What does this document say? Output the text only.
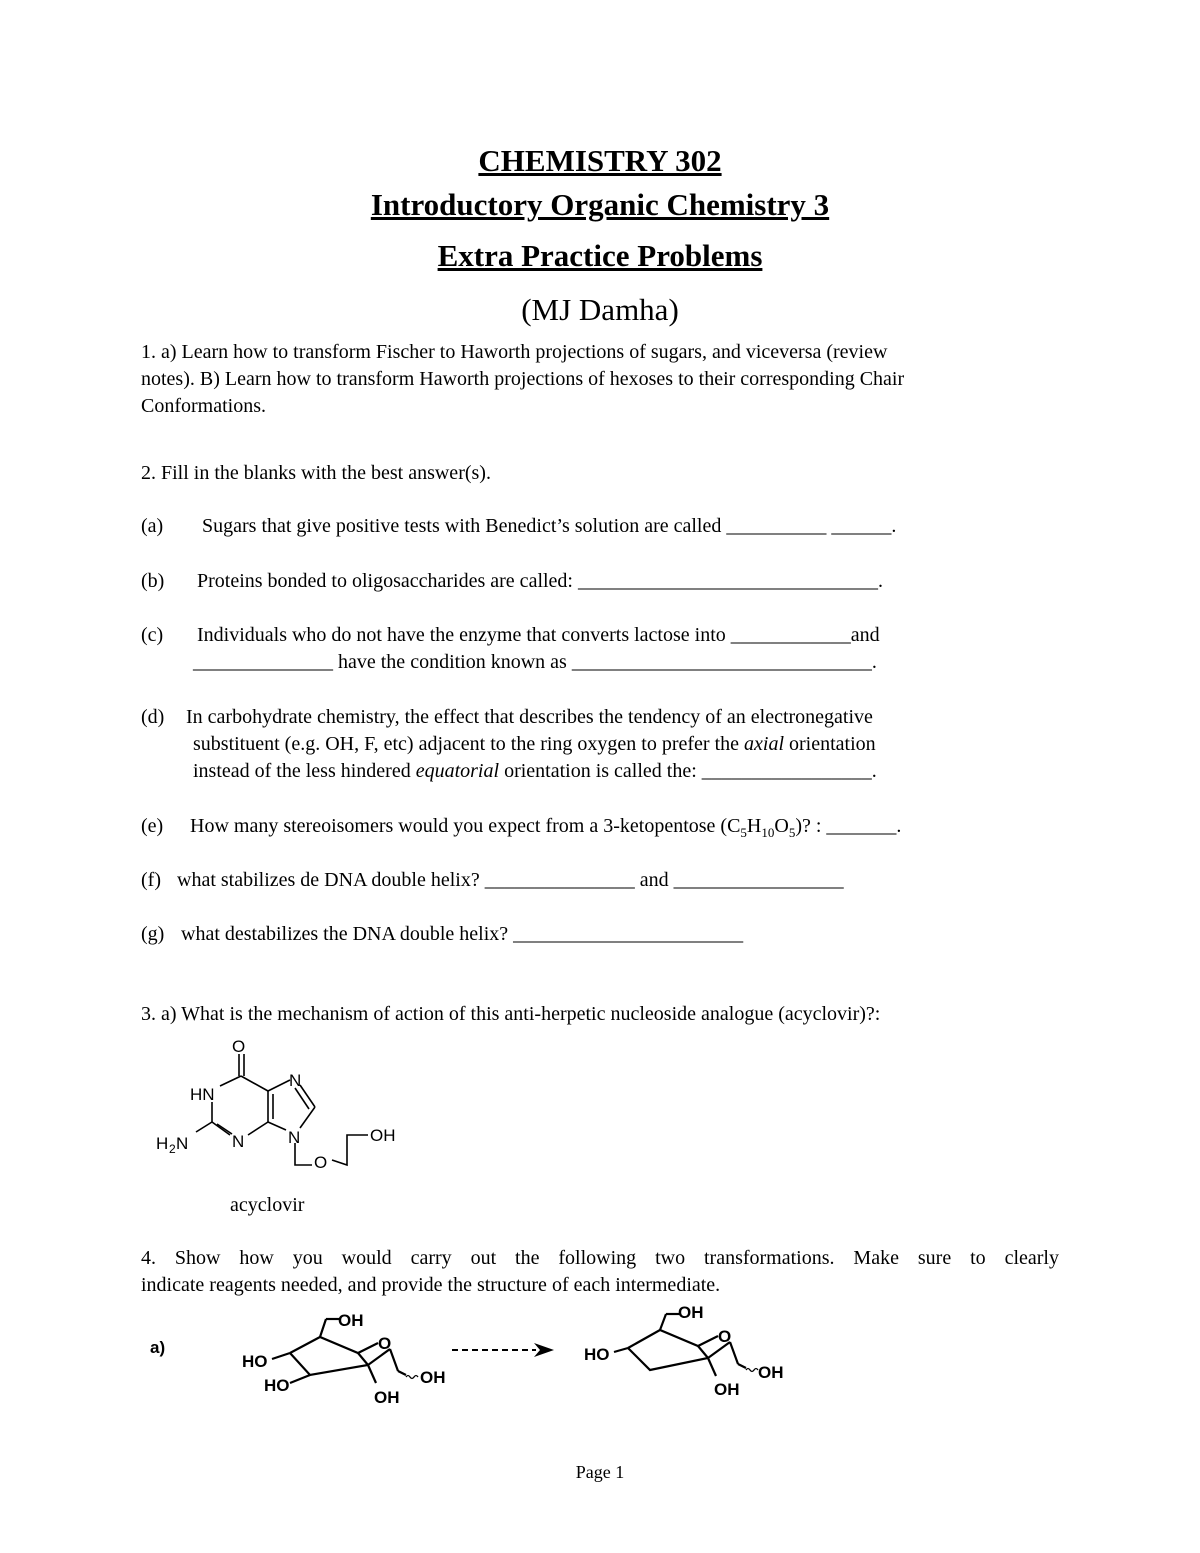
CHEMISTRY 302
Introductory Organic Chemistry 3
Extra Practice Problems
(MJ Damha)
1. a) Learn how to transform Fischer to Haworth projections of sugars, and viceversa (review
notes). B) Learn how to transform Haworth projections of hexoses to their corresponding Chair
Conformations.
2. Fill in the blanks with the best answer(s).
(a) Sugars that give positive tests with Benedict’s solution are called __________ ______.
(b) Proteins bonded to oligosaccharides are called: ______________________________.
(c) Individuals who do not have the enzyme that converts lactose into ____________and
______________ have the condition known as ______________________________.
(d) In carbohydrate chemistry, the effect that describes the tendency of an electronegative
substituent (e.g. OH, F, etc) adjacent to the ring oxygen to prefer the axial orientation
instead of the less hindered equatorial orientation is called the: _________________.
(e) How many stereoisomers would you expect from a 3-ketopentose $(C_5H_{10}O_5)$? : _______.
(f) what stabilizes de DNA double helix? _______________ and _________________
(g) what destabilizes the DNA double helix? _______________________
3. a) What is the mechanism of action of this anti-herpetic nucleoside analogue (acyclovir)?:
O
HN
N
H 2 N	N	N
O
OH
acyclovir
4. Show how you would carry out the following two transformations. Make sure to clearly
indicate reagents needed, and provide the structure of each intermediate.
a)
OH
O
HO
HO
OH
OH
OH
O
HO
OH
OH
Page 1
